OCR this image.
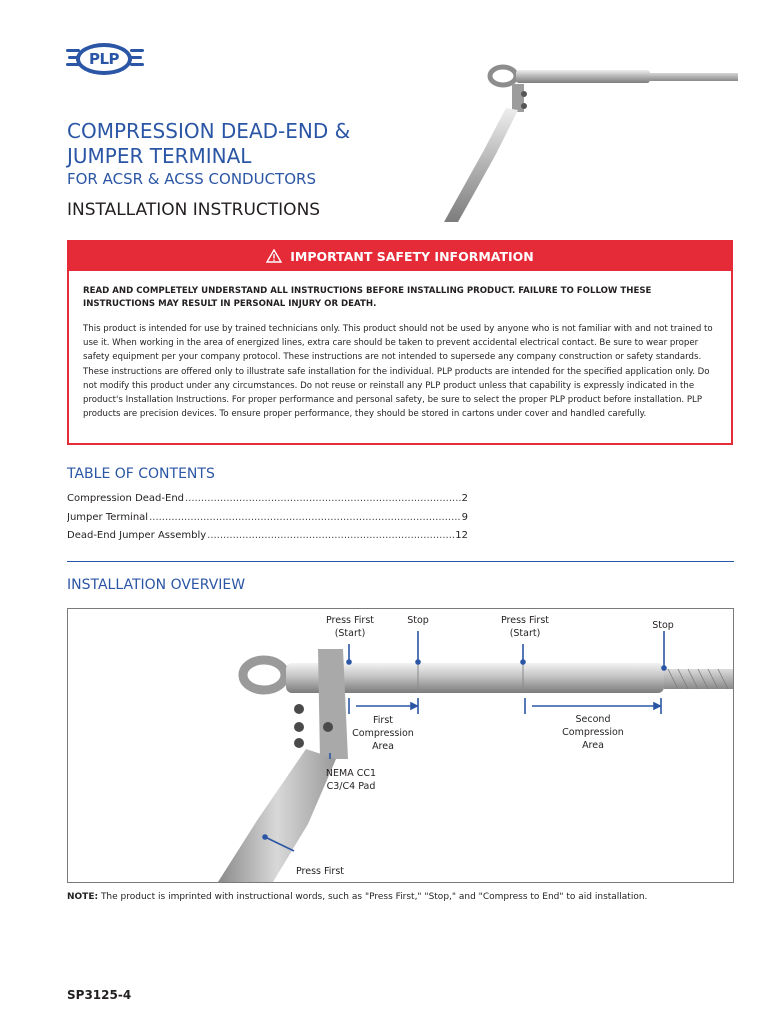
PLP
COMPRESSION DEAD-END & JUMPER TERMINAL
FOR ACSR & ACSS CONDUCTORS
INSTALLATION INSTRUCTIONS
IMPORTANT SAFETY INFORMATION
READ AND COMPLETELY UNDERSTAND ALL INSTRUCTIONS BEFORE INSTALLING PRODUCT. FAILURE TO FOLLOW THESE INSTRUCTIONS MAY RESULT IN PERSONAL INJURY OR DEATH.
This product is intended for use by trained technicians only. This product should not be used by anyone who is not familiar with and not trained to use it. When working in the area of energized lines, extra care should be taken to prevent accidental electrical contact. Be sure to wear proper safety equipment per your company protocol. These instructions are not intended to supersede any company construction or safety standards. These instructions are offered only to illustrate safe installation for the individual. PLP products are intended for the specified application only. Do not modify this product under any circumstances. Do not reuse or reinstall any PLP product unless that capability is expressly indicated in the product's Installation Instructions. For proper performance and personal safety, be sure to select the proper PLP product before installation. PLP products are precision devices. To ensure proper performance, they should be stored in cartons under cover and handled carefully.
TABLE OF CONTENTS
Compression Dead-End .....	2
Jumper Terminal .....	9
Dead-End Jumper Assembly .....	12
INSTALLATION OVERVIEW
Press First
(Start)
Stop	Press First
(Start)
Stop
First
Compression
Area
Second
Compression
Area
NEMA CC1
C3/C4 Pad
Press First
NOTE: The product is imprinted with instructional words, such as "Press First," "Stop," and "Compress to End" to aid installation.
SP3125-4
